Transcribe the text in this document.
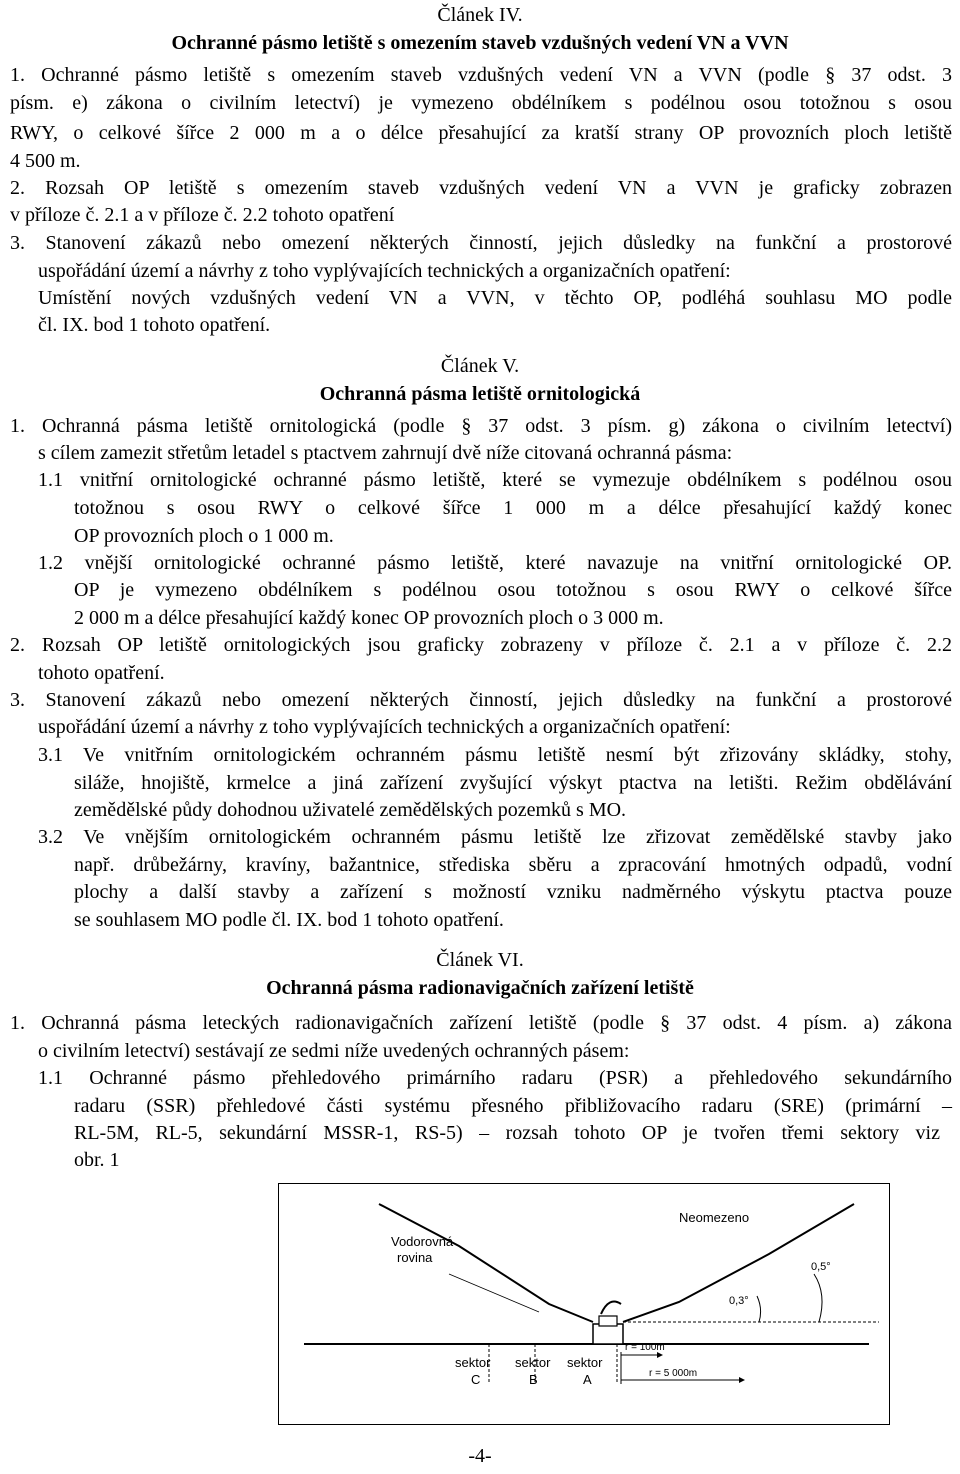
Článek IV.
Ochranné pásmo letiště s omezením staveb vzdušných vedení VN a VVN
1. Ochranné pásmo letiště s omezením staveb vzdušných vedení VN a VVN (podle § 37 odst. 3
písm. e) zákona o civilním letectví) je vymezeno obdélníkem s podélnou osou totožnou s osou
RWY, o celkové šířce 2 000 m a o délce přesahující za kratší strany OP provozních ploch letiště
4 500 m.
2. Rozsah OP letiště s omezením staveb vzdušných vedení VN a VVN je graficky zobrazen
v příloze č. 2.1 a v příloze č. 2.2 tohoto opatření
3. Stanovení zákazů nebo omezení některých činností, jejich důsledky na funkční a prostorové
uspořádání území a návrhy z toho vyplývajících technických a organizačních opatření:
Umístění nových vzdušných vedení VN a VVN, v těchto OP, podléhá souhlasu MO podle
čl. IX. bod 1 tohoto opatření.
Článek V.
Ochranná pásma letiště ornitologická
1. Ochranná pásma letiště ornitologická (podle § 37 odst. 3 písm. g) zákona o civilním letectví)
s cílem zamezit střetům letadel s ptactvem zahrnují dvě níže citovaná ochranná pásma:
1.1 vnitřní ornitologické ochranné pásmo letiště, které se vymezuje obdélníkem s podélnou osou
totožnou s osou RWY o celkové šířce 1 000 m a délce přesahující každý konec
OP provozních ploch o 1 000 m.
1.2 vnější ornitologické ochranné pásmo letiště, které navazuje na vnitřní ornitologické OP.
OP je vymezeno obdélníkem s podélnou osou totožnou s osou RWY o celkové šířce
2 000 m a délce přesahující každý konec OP provozních ploch o 3 000 m.
2. Rozsah OP letiště ornitologických jsou graficky zobrazeny v příloze č. 2.1 a v příloze č. 2.2
tohoto opatření.
3. Stanovení zákazů nebo omezení některých činností, jejich důsledky na funkční a prostorové
uspořádání území a návrhy z toho vyplývajících technických a organizačních opatření:
3.1 Ve vnitřním ornitologickém ochranném pásmu letiště nesmí být zřizovány skládky, stohy,
siláže, hnojiště, krmelce a jiná zařízení zvyšující výskyt ptactva na letišti. Režim obdělávání
zemědělské půdy dohodnou uživatelé zemědělských pozemků s MO.
3.2 Ve vnějším ornitologickém ochranném pásmu letiště lze zřizovat zemědělské stavby jako
např. drůbežárny, kravíny, bažantnice, střediska sběru a zpracování hmotných odpadů, vodní
plochy a další stavby a zařízení s možností vzniku nadměrného výskytu ptactva pouze
se souhlasem MO podle čl. IX. bod 1 tohoto opatření.
Článek VI.
Ochranná pásma radionavigačních zařízení letiště
1. Ochranná pásma leteckých radionavigačních zařízení letiště (podle § 37 odst. 4 písm. a) zákona
o civilním letectví) sestávají ze sedmi níže uvedených ochranných pásem:
1.1 Ochranné pásmo přehledového primárního radaru (PSR) a přehledového sekundárního
radaru (SSR) přehledové části systému přesného přibližovacího radaru (SRE) (primární –
RL-5M, RL-5, sekundární MSSR-1, RS-5) – rozsah tohoto OP je tvořen třemi sektory viz
obr. 1
Neomezeno
Vodorovná
rovina
0,5°
0,3°
r = 100m
r = 5 000m
sektor
C
sektor
B
sektor
A
-4-
